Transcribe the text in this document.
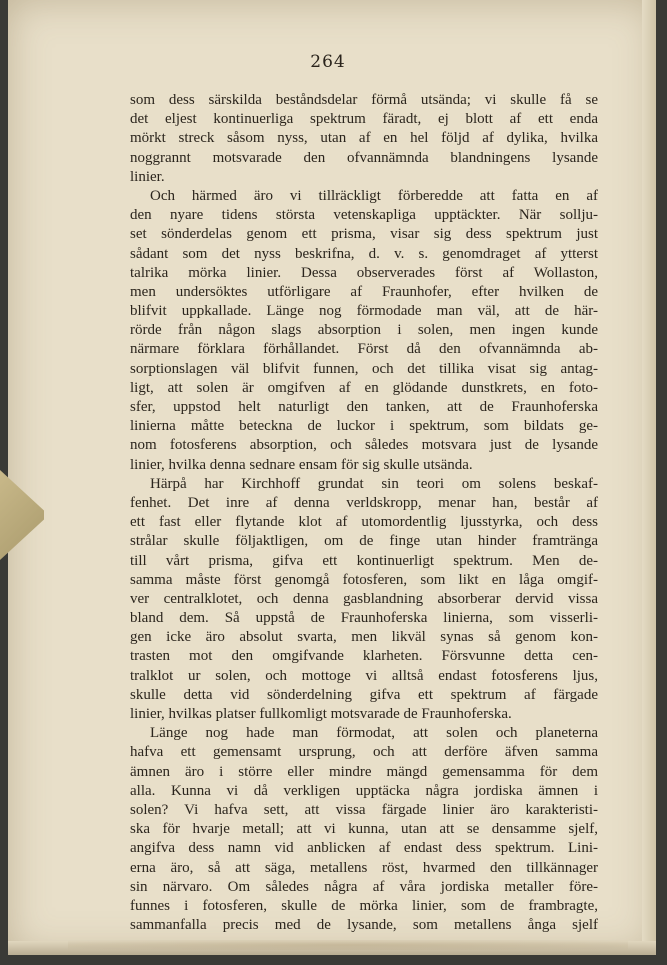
264
som dess särskilda beståndsdelar förmå utsända; vi skulle få se
det eljest kontinuerliga spektrum färadt, ej blott af ett enda
mörkt streck såsom nyss, utan af en hel följd af dylika, hvilka
noggrannt motsvarade den ofvannämnda blandningens lysande
linier.
Och härmed äro vi tillräckligt förberedde att fatta en af
den nyare tidens största vetenskapliga upptäckter. När sollju-
set sönderdelas genom ett prisma, visar sig dess spektrum just
sådant som det nyss beskrifna, d. v. s. genomdraget af ytterst
talrika mörka linier. Dessa observerades först af Wollaston,
men undersöktes utförligare af Fraunhofer, efter hvilken de
blifvit uppkallade. Länge nog förmodade man väl, att de här-
rörde från någon slags absorption i solen, men ingen kunde
närmare förklara förhållandet. Först då den ofvannämnda ab-
sorptionslagen väl blifvit funnen, och det tillika visat sig antag-
ligt, att solen är omgifven af en glödande dunstkrets, en foto-
sfer, uppstod helt naturligt den tanken, att de Fraunhoferska
linierna måtte beteckna de luckor i spektrum, som bildats ge-
nom fotosferens absorption, och således motsvara just de lysande
linier, hvilka denna sednare ensam för sig skulle utsända.
Härpå har Kirchhoff grundat sin teori om solens beskaf-
fenhet. Det inre af denna verldskropp, menar han, består af
ett fast eller flytande klot af utomordentlig ljusstyrka, och dess
strålar skulle följaktligen, om de finge utan hinder framtränga
till vårt prisma, gifva ett kontinuerligt spektrum. Men de-
samma måste först genomgå fotosferen, som likt en låga omgif-
ver centralklotet, och denna gasblandning absorberar dervid vissa
bland dem. Så uppstå de Fraunhoferska linierna, som visserli-
gen icke äro absolut svarta, men likväl synas så genom kon-
trasten mot den omgifvande klarheten. Försvunne detta cen-
tralklot ur solen, och mottoge vi alltså endast fotosferens ljus,
skulle detta vid sönderdelning gifva ett spektrum af färgade
linier, hvilkas platser fullkomligt motsvarade de Fraunhoferska.
Länge nog hade man förmodat, att solen och planeterna
hafva ett gemensamt ursprung, och att derföre äfven samma
ämnen äro i större eller mindre mängd gemensamma för dem
alla. Kunna vi då verkligen upptäcka några jordiska ämnen i
solen? Vi hafva sett, att vissa färgade linier äro karakteristi-
ska för hvarje metall; att vi kunna, utan att se densamme sjelf,
angifva dess namn vid anblicken af endast dess spektrum. Lini-
erna äro, så att säga, metallens röst, hvarmed den tillkännager
sin närvaro. Om således några af våra jordiska metaller före-
funnes i fotosferen, skulle de mörka linier, som de frambragte,
sammanfalla precis med de lysande, som metallens ånga sjelf
